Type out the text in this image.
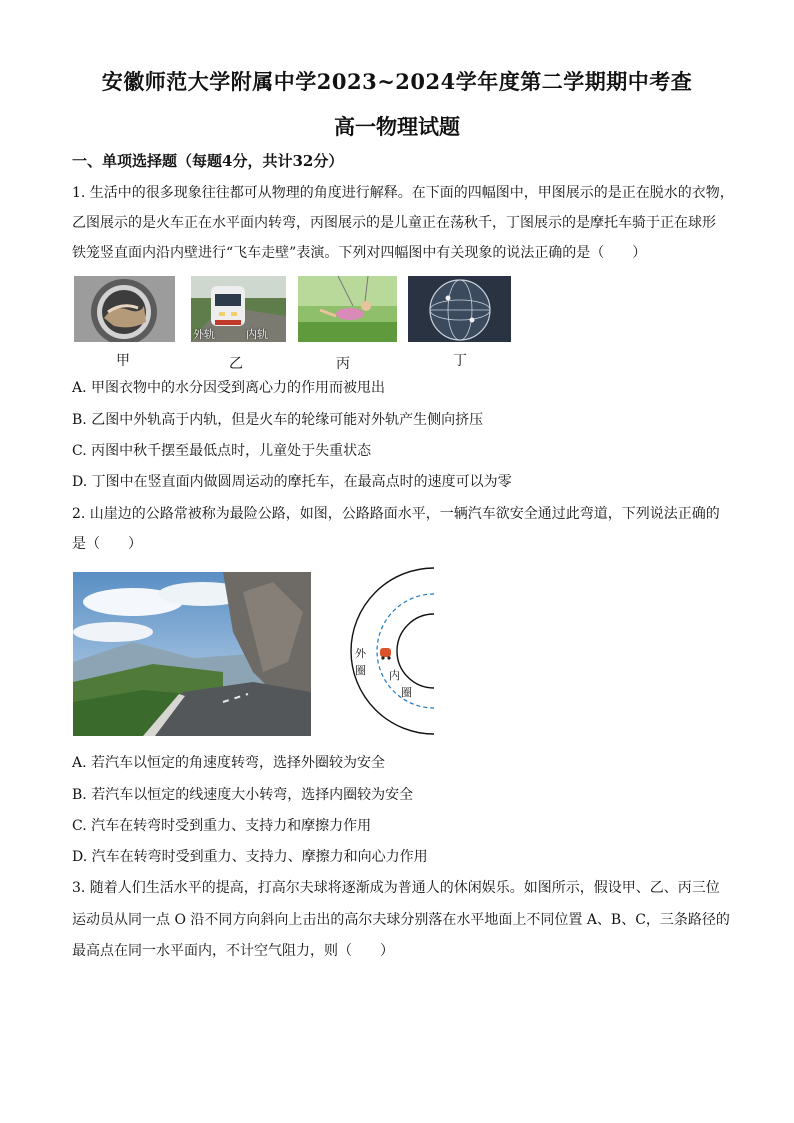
安徽师范大学附属中学2023~2024学年度第二学期期中考查
高一物理试题
一、单项选择题（每题4分，共计32分）
1. 生活中的很多现象往往都可从物理的角度进行解释。在下面的四幅图中，甲图展示的是正在脱水的衣物，
乙图展示的是火车正在水平面内转弯，丙图展示的是儿童正在荡秋千，丁图展示的是摩托车骑于正在球形
铁笼竖直面内沿内壁进行“飞车走壁”表演。下列对四幅图中有关现象的说法正确的是（　　）
外轨	内轨
甲	乙	丙	丁
A. 甲图衣物中的水分因受到离心力的作用而被甩出
B. 乙图中外轨高于内轨，但是火车的轮缘可能对外轨产生侧向挤压
C. 丙图中秋千摆至最低点时，儿童处于失重状态
D. 丁图中在竖直面内做圆周运动的摩托车，在最高点时的速度可以为零
2. 山崖边的公路常被称为最险公路，如图，公路路面水平，一辆汽车欲安全通过此弯道，下列说法正确的
是（　　）
外
圈 内
圈
A. 若汽车以恒定的角速度转弯，选择外圈较为安全
B. 若汽车以恒定的线速度大小转弯，选择内圈较为安全
C. 汽车在转弯时受到重力、支持力和摩擦力作用
D. 汽车在转弯时受到重力、支持力、摩擦力和向心力作用
3. 随着人们生活水平的提高，打高尔夫球将逐渐成为普通人的休闲娱乐。如图所示，假设甲、乙、丙三位
运动员从同一点 O 沿不同方向斜向上击出的高尔夫球分别落在水平地面上不同位置 A、B、C，三条路径的
最高点在同一水平面内，不计空气阻力，则（　　）
